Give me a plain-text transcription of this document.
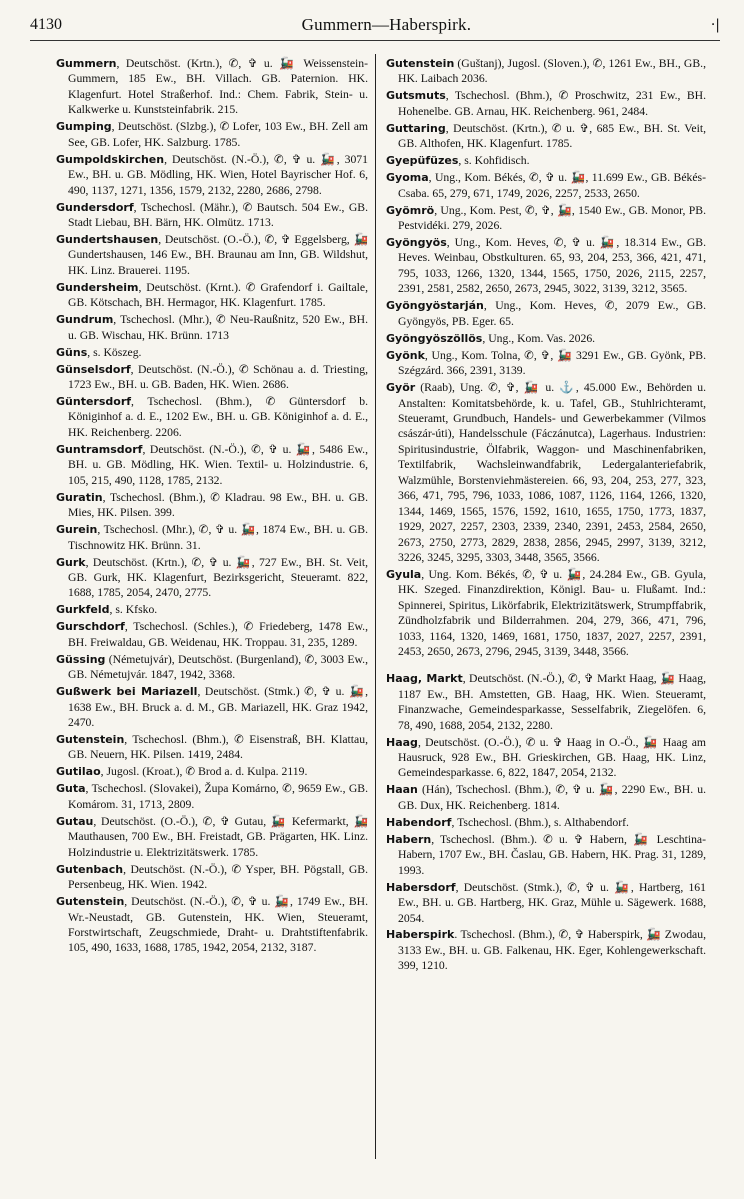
4130	Gummern—Haberspirk.	·|
Gummern, Deutschöst. (Krtn.), ✆, ✞ u. 🚂 Weissenstein-Gummern, 185 Ew., BH. Villach. GB. Paternion. HK. Klagenfurt. Hotel Straßerhof. Ind.: Chem. Fabrik, Stein- u. Kalkwerke u. Kunststeinfabrik. 215.
Gumping, Deutschöst. (Slzbg.), ✆ Lofer, 103 Ew., BH. Zell am See, GB. Lofer, HK. Salzburg. 1785.
Gumpoldskirchen, Deutschöst. (N.-Ö.), ✆, ✞ u. 🚂, 3071 Ew., BH. u. GB. Mödling, HK. Wien, Hotel Bayrischer Hof. 6, 490, 1137, 1271, 1356, 1579, 2132, 2280, 2686, 2798.
Gundersdorf, Tschechosl. (Mähr.), ✆ Bautsch. 504 Ew., GB. Stadt Liebau, BH. Bärn, HK. Olmütz. 1713.
Gundertshausen, Deutschöst. (O.-Ö.), ✆, ✞ Eggelsberg, 🚂 Gundertshausen, 146 Ew., BH. Braunau am Inn, GB. Wildshut, HK. Linz. Brauerei. 1195.
Gundersheim, Deutschöst. (Krnt.). ✆ Grafendorf i. Gailtale, GB. Kötschach, BH. Hermagor, HK. Klagenfurt. 1785.
Gundrum, Tschechosl. (Mhr.), ✆ Neu-Raußnitz, 520 Ew., BH. u. GB. Wischau, HK. Brünn. 1713
Güns, s. Köszeg.
Günselsdorf, Deutschöst. (N.-Ö.), ✆ Schönau a. d. Triesting, 1723 Ew., BH. u. GB. Baden, HK. Wien. 2686.
Güntersdorf, Tschechosl. (Bhm.), ✆ Güntersdorf b. Königinhof a. d. E., 1202 Ew., BH. u. GB. Königinhof a. d. E., HK. Reichenberg. 2206.
Guntramsdorf, Deutschöst. (N.-Ö.), ✆, ✞ u. 🚂, 5486 Ew., BH. u. GB. Mödling, HK. Wien. Textil- u. Holzindustrie. 6, 105, 215, 490, 1128, 1785, 2132.
Guratin, Tschechosl. (Bhm.), ✆ Kladrau. 98 Ew., BH. u. GB. Mies, HK. Pilsen. 399.
Gurein, Tschechosl. (Mhr.), ✆, ✞ u. 🚂, 1874 Ew., BH. u. GB. Tischnowitz HK. Brünn. 31.
Gurk, Deutschöst. (Krtn.), ✆, ✞ u. 🚂, 727 Ew., BH. St. Veit, GB. Gurk, HK. Klagenfurt, Bezirksgericht, Steueramt. 822, 1688, 1785, 2054, 2470, 2775.
Gurkfeld, s. Kfsko.
Gurschdorf, Tschechosl. (Schles.), ✆ Friedeberg, 1478 Ew., BH. Freiwaldau, GB. Weidenau, HK. Troppau. 31, 235, 1289.
Güssing (Németujvár), Deutschöst. (Burgenland), ✆, 3003 Ew., GB. Németujvár. 1847, 1942, 3368.
Gußwerk bei Mariazell, Deutschöst. (Stmk.) ✆, ✞ u. 🚂, 1638 Ew., BH. Bruck a. d. M., GB. Mariazell, HK. Graz 1942, 2470.
Gutenstein, Tschechosl. (Bhm.), ✆ Eisenstraß, BH. Klattau, GB. Neuern, HK. Pilsen. 1419, 2484.
Gutilao, Jugosl. (Kroat.), ✆ Brod a. d. Kulpa. 2119.
Guta, Tschechosl. (Slovakei), Župa Komárno, ✆, 9659 Ew., GB. Komárom. 31, 1713, 2809.
Gutau, Deutschöst. (O.-Ö.), ✆, ✞ Gutau, 🚂 Kefermarkt, 🚂 Mauthausen, 700 Ew., BH. Freistadt, GB. Prägarten, HK. Linz. Holzindustrie u. Elektrizitätswerk. 1785.
Gutenbach, Deutschöst. (N.-Ö.), ✆ Ysper, BH. Pögstall, GB. Persenbeug, HK. Wien. 1942.
Gutenstein, Deutschöst. (N.-Ö.), ✆, ✞ u. 🚂, 1749 Ew., BH. Wr.-Neustadt, GB. Gutenstein, HK. Wien, Steueramt, Forstwirtschaft, Zeugschmiede, Draht- u. Drahtstiftenfabrik. 105, 490, 1633, 1688, 1785, 1942, 2054, 2132, 3187.
Gutenstein (Guštanj), Jugosl. (Sloven.), ✆, 1261 Ew., BH., GB., HK. Laibach 2036.
Gutsmuts, Tschechosl. (Bhm.), ✆ Proschwitz, 231 Ew., BH. Hohenelbe. GB. Arnau, HK. Reichenberg. 961, 2484.
Guttaring, Deutschöst. (Krtn.), ✆ u. ✞, 685 Ew., BH. St. Veit, GB. Althofen, HK. Klagenfurt. 1785.
Gyepüfüzes, s. Kohfidisch.
Gyoma, Ung., Kom. Békés, ✆, ✞ u. 🚂, 11.699 Ew., GB. Békés-Csaba. 65, 279, 671, 1749, 2026, 2257, 2533, 2650.
Gyömrö, Ung., Kom. Pest, ✆, ✞, 🚂, 1540 Ew., GB. Monor, PB. Pestvidéki. 279, 2026.
Gyöngyös, Ung., Kom. Heves, ✆, ✞ u. 🚂, 18.314 Ew., GB. Heves. Weinbau, Obstkulturen. 65, 93, 204, 253, 366, 421, 471, 795, 1033, 1266, 1320, 1344, 1565, 1750, 2026, 2115, 2257, 2391, 2581, 2582, 2650, 2673, 2945, 3022, 3139, 3212, 3565.
Gyöngyöstarján, Ung., Kom. Heves, ✆, 2079 Ew., GB. Gyöngyös, PB. Eger. 65.
Gyöngyöszöllös, Ung., Kom. Vas. 2026.
Gyönk, Ung., Kom. Tolna, ✆, ✞, 🚂 3291 Ew., GB. Gyönk, PB. Szégzárd. 366, 2391, 3139.
Györ (Raab), Ung. ✆, ✞, 🚂 u. ⚓, 45.000 Ew., Behörden u. Anstalten: Komitatsbehörde, k. u. Tafel, GB., Stuhlrichteramt, Steueramt, Grundbuch, Handels- und Gewerbekammer (Vilmos császár-úti), Handelsschule (Fáczánutca), Lagerhaus. Industrien: Spiritusindustrie, Ölfabrik, Waggon- und Maschinenfabriken, Textilfabrik, Wachsleinwandfabrik, Ledergalanteriefabrik, Walzmühle, Borstenviehmästereien. 66, 93, 204, 253, 277, 323, 366, 471, 795, 796, 1033, 1086, 1087, 1126, 1164, 1266, 1320, 1344, 1469, 1565, 1576, 1592, 1610, 1655, 1750, 1773, 1837, 1929, 2027, 2257, 2303, 2339, 2340, 2391, 2453, 2584, 2650, 2673, 2750, 2773, 2829, 2838, 2856, 2945, 2997, 3139, 3212, 3226, 3245, 3295, 3303, 3448, 3565, 3566.
Gyula, Ung. Kom. Békés, ✆, ✞ u. 🚂, 24.284 Ew., GB. Gyula, HK. Szeged. Finanzdirektion, Königl. Bau- u. Flußamt. Ind.: Spinnerei, Spiritus, Likörfabrik, Elektrizitätswerk, Strumpffabrik, Zündholzfabrik und Bilderrahmen. 204, 279, 366, 471, 796, 1033, 1164, 1320, 1469, 1681, 1750, 1837, 2027, 2257, 2391, 2453, 2650, 2673, 2796, 2945, 3139, 3448, 3566.
Haag, Markt, Deutschöst. (N.-Ö.), ✆, ✞ Markt Haag, 🚂 Haag, 1187 Ew., BH. Amstetten, GB. Haag, HK. Wien. Steueramt, Finanzwache, Gemeindesparkasse, Sesselfabrik, Ziegelöfen. 6, 78, 490, 1688, 2054, 2132, 2280.
Haag, Deutschöst. (O.-Ö.), ✆ u. ✞ Haag in O.-Ö., 🚂 Haag am Hausruck, 928 Ew., BH. Grieskirchen, GB. Haag, HK. Linz, Gemeindesparkasse. 6, 822, 1847, 2054, 2132.
Haan (Hán), Tschechosl. (Bhm.), ✆, ✞ u. 🚂, 2290 Ew., BH. u. GB. Dux, HK. Reichenberg. 1814.
Habendorf, Tschechosl. (Bhm.), s. Althabendorf.
Habern, Tschechosl. (Bhm.). ✆ u. ✞ Habern, 🚂 Leschtina-Habern, 1707 Ew., BH. Časlau, GB. Habern, HK. Prag. 31, 1289, 1993.
Habersdorf, Deutschöst. (Stmk.), ✆, ✞ u. 🚂, Hartberg, 161 Ew., BH. u. GB. Hartberg, HK. Graz, Mühle u. Sägewerk. 1688, 2054.
Haberspirk. Tschechosl. (Bhm.), ✆, ✞ Haberspirk, 🚂 Zwodau, 3133 Ew., BH. u. GB. Falkenau, HK. Eger, Kohlengewerkschaft. 399, 1210.
